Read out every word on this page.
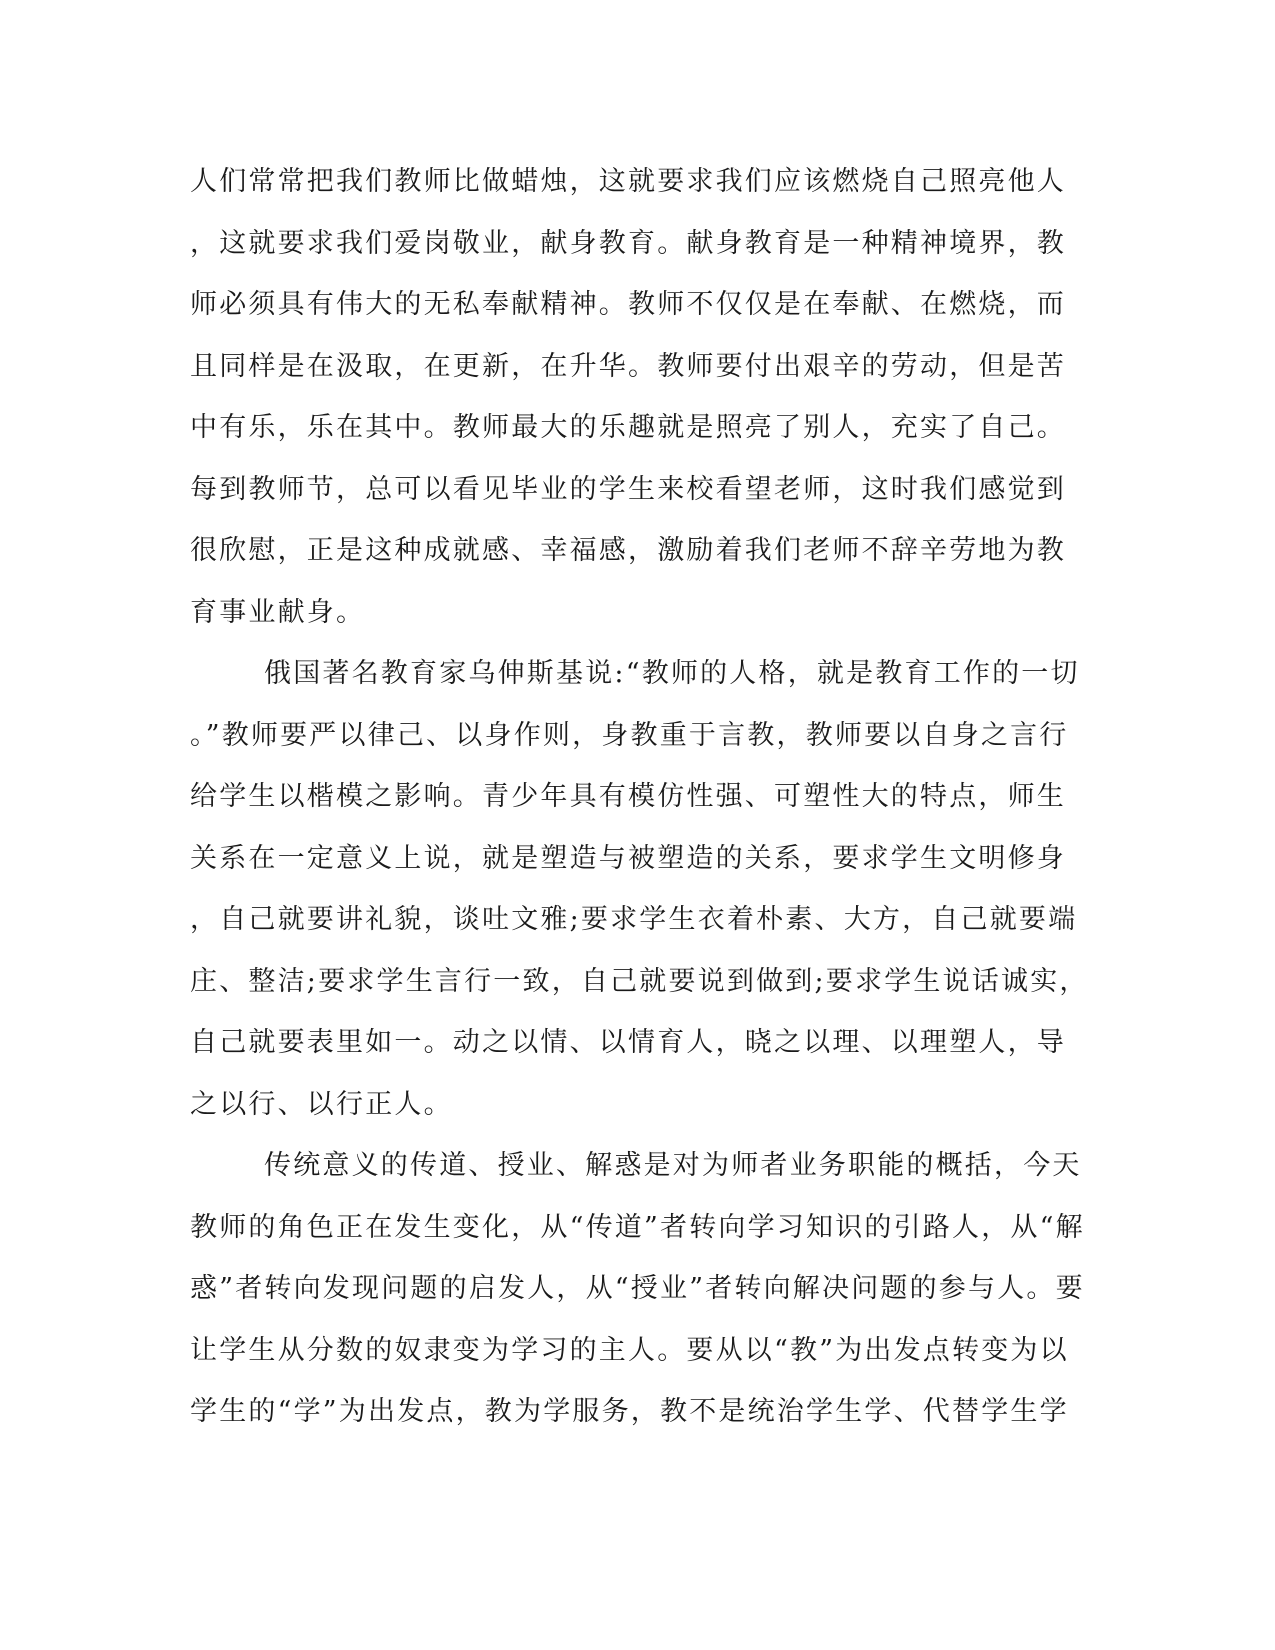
人们常常把我们教师比做蜡烛，这就要求我们应该燃烧自己照亮他人
，这就要求我们爱岗敬业，献身教育。献身教育是一种精神境界，教
师必须具有伟大的无私奉献精神。教师不仅仅是在奉献、在燃烧，而
且同样是在汲取，在更新，在升华。教师要付出艰辛的劳动，但是苦
中有乐，乐在其中。教师最大的乐趣就是照亮了别人，充实了自己。
每到教师节，总可以看见毕业的学生来校看望老师，这时我们感觉到
很欣慰，正是这种成就感、幸福感，激励着我们老师不辞辛劳地为教
育事业献身。
俄国著名教育家乌伸斯基说:“教师的人格，就是教育工作的一切
。”教师要严以律己、以身作则，身教重于言教，教师要以自身之言行
给学生以楷模之影响。青少年具有模仿性强、可塑性大的特点，师生
关系在一定意义上说，就是塑造与被塑造的关系，要求学生文明修身
，自己就要讲礼貌，谈吐文雅;要求学生衣着朴素、大方，自己就要端
庄、整洁;要求学生言行一致，自己就要说到做到;要求学生说话诚实，
自己就要表里如一。动之以情、以情育人，晓之以理、以理塑人，导
之以行、以行正人。
传统意义的传道、授业、解惑是对为师者业务职能的概括，今天
教师的角色正在发生变化，从“传道”者转向学习知识的引路人，从“解
惑”者转向发现问题的启发人，从“授业”者转向解决问题的参与人。要
让学生从分数的奴隶变为学习的主人。要从以“教”为出发点转变为以
学生的“学”为出发点，教为学服务，教不是统治学生学、代替学生学
